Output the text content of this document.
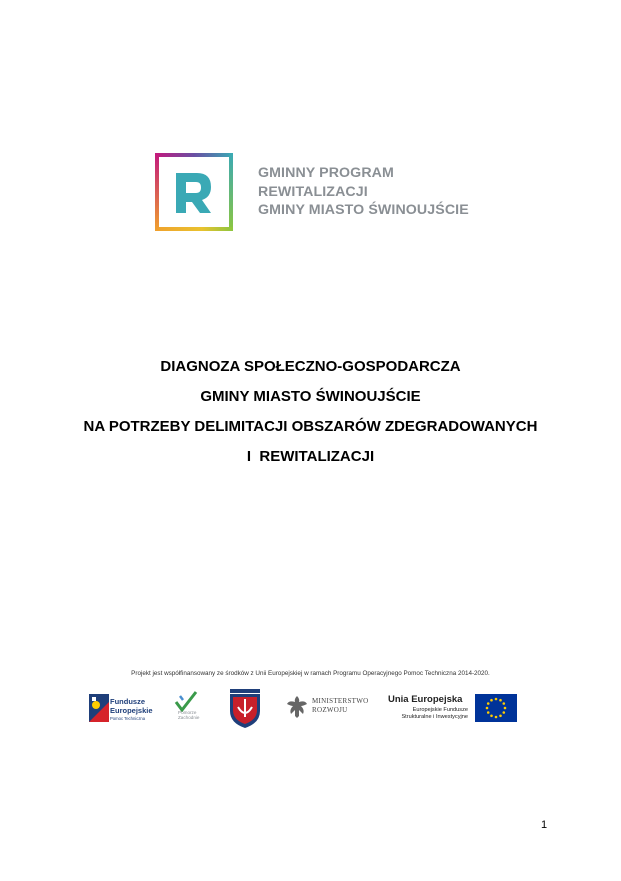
GMINNY PROGRAM
REWITALIZACJI
GMINY MIASTO ŚWINOUJŚCIE
DIAGNOZA SPOŁECZNO-GOSPODARCZA
GMINY MIASTO ŚWINOUJŚCIE
NA POTRZEBY DELIMITACJI OBSZARÓW ZDEGRADOWANYCH
I  REWITALIZACJI
Projekt jest współfinansowany ze środków z Unii Europejskiej w ramach Programu Operacyjnego Pomoc Techniczna 2014-2020.
Fundusze
Europejskie
Pomoc Techniczna
Pomorze
Zachodnie
MINISTERSTWO
ROZWOJU
Unia Europejska
Europejskie Fundusze
Strukturalne i Inwestycyjne
1
